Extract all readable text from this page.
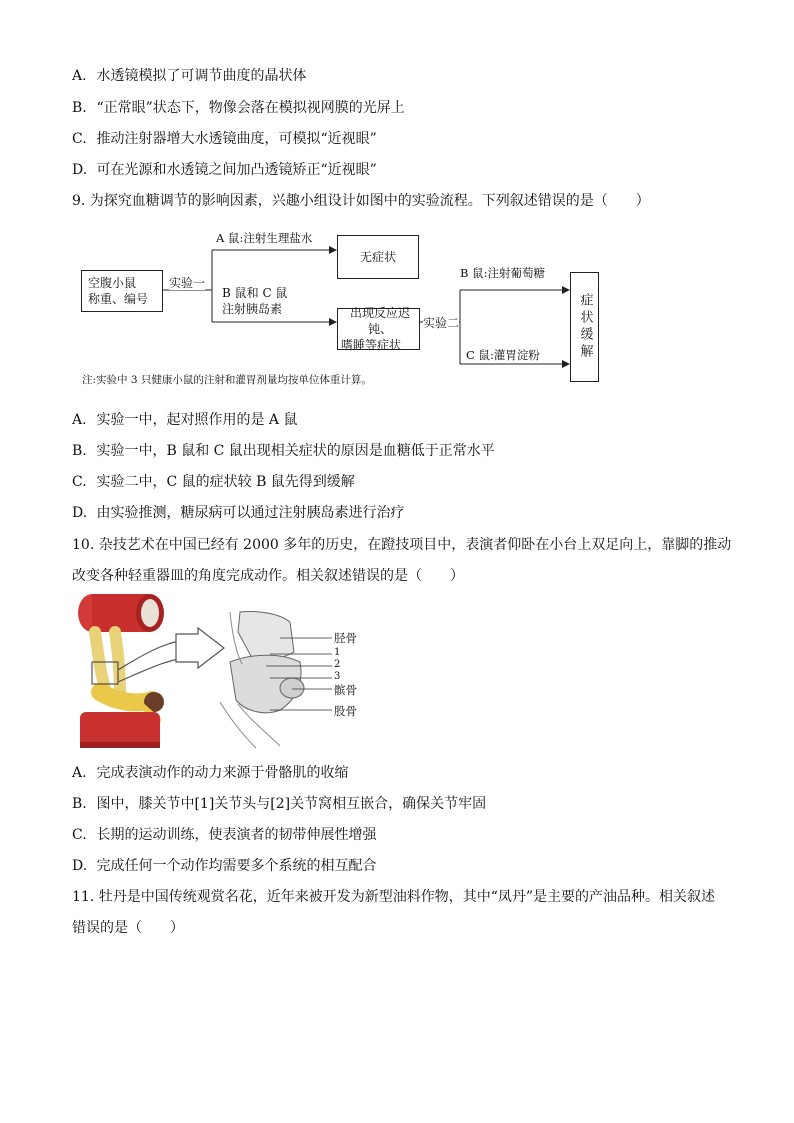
A. 水透镜模拟了可调节曲度的晶状体
B. “正常眼”状态下，物像会落在模拟视网膜的光屏上
C. 推动注射器增大水透镜曲度，可模拟“近视眼”
D. 可在光源和水透镜之间加凸透镜矫正“近视眼”
9. 为探究血糖调节的影响因素，兴趣小组设计如图中的实验流程。下列叙述错误的是（　　）
空腹小鼠
称重、编号
实验一
A 鼠:注射生理盐水
无症状
B 鼠和 C 鼠
注射胰岛素	出现反应迟钝、
嗜睡等症状
实验二
B 鼠:注射葡萄糖
C 鼠:灌胃淀粉	症状缓解
注:实验中 3 只健康小鼠的注射和灌胃剂量均按单位体重计算。
A. 实验一中，起对照作用的是 A 鼠
B. 实验一中，B 鼠和 C 鼠出现相关症状的原因是血糖低于正常水平
C. 实验二中，C 鼠的症状较 B 鼠先得到缓解
D. 由实验推测，糖尿病可以通过注射胰岛素进行治疗
10. 杂技艺术在中国已经有 2000 多年的历史，在蹬技项目中，表演者仰卧在小台上双足向上，靠脚的推动
改变各种轻重器皿的角度完成动作。相关叙述错误的是（　　）
胫骨
1
2
3
髌骨
股骨
A. 完成表演动作的动力来源于骨骼肌的收缩
B. 图中，膝关节中[1]关节头与[2]关节窝相互嵌合，确保关节牢固
C. 长期的运动训练，使表演者的韧带伸展性增强
D. 完成任何一个动作均需要多个系统的相互配合
11. 牡丹是中国传统观赏名花，近年来被开发为新型油料作物，其中“凤丹”是主要的产油品种。相关叙述
错误的是（　　）
